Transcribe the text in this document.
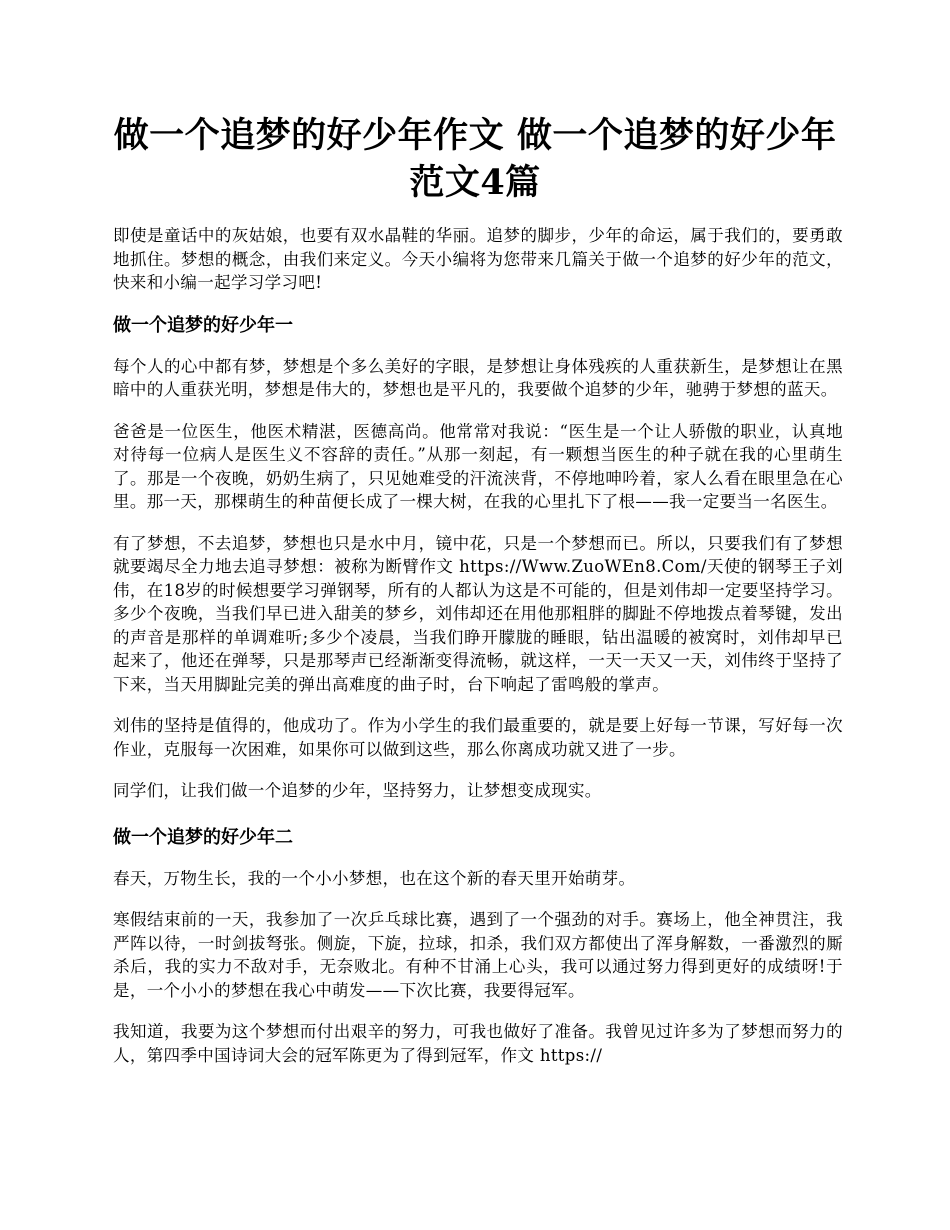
做一个追梦的好少年作文 做一个追梦的好少年范文4篇

即使是童话中的灰姑娘，也要有双水晶鞋的华丽。追梦的脚步，少年的命运，属于我们的，要勇敢地抓住。梦想的概念，由我们来定义。今天小编将为您带来几篇关于做一个追梦的好少年的范文，快来和小编一起学习学习吧!

做一个追梦的好少年一

每个人的心中都有梦，梦想是个多么美好的字眼，是梦想让身体残疾的人重获新生，是梦想让在黑暗中的人重获光明，梦想是伟大的，梦想也是平凡的，我要做个追梦的少年，驰骋于梦想的蓝天。

爸爸是一位医生，他医术精湛，医德高尚。他常常对我说：“医生是一个让人骄傲的职业，认真地对待每一位病人是医生义不容辞的责任。”从那一刻起，有一颗想当医生的种子就在我的心里萌生了。那是一个夜晚，奶奶生病了，只见她难受的汗流浃背，不停地呻吟着，家人么看在眼里急在心里。那一天，那棵萌生的种苗便长成了一棵大树，在我的心里扎下了根——我一定要当一名医生。

有了梦想，不去追梦，梦想也只是水中月，镜中花，只是一个梦想而已。所以，只要我们有了梦想就要竭尽全力地去追寻梦想：被称为断臂作文 https://Www.ZuoWEn8.Com/天使的钢琴王子刘伟，在18岁的时候想要学习弹钢琴，所有的人都认为这是不可能的，但是刘伟却一定要坚持学习。多少个夜晚，当我们早已进入甜美的梦乡，刘伟却还在用他那粗胖的脚趾不停地拨点着琴键，发出的声音是那样的单调难听;多少个凌晨，当我们睁开朦胧的睡眼，钻出温暖的被窝时，刘伟却早已起来了，他还在弹琴，只是那琴声已经渐渐变得流畅，就这样，一天一天又一天，刘伟终于坚持了下来，当天用脚趾完美的弹出高难度的曲子时，台下响起了雷鸣般的掌声。

刘伟的坚持是值得的，他成功了。作为小学生的我们最重要的，就是要上好每一节课，写好每一次作业，克服每一次困难，如果你可以做到这些，那么你离成功就又进了一步。

同学们，让我们做一个追梦的少年，坚持努力，让梦想变成现实。

做一个追梦的好少年二

春天，万物生长，我的一个小小梦想，也在这个新的春天里开始萌芽。

寒假结束前的一天，我参加了一次乒乓球比赛，遇到了一个强劲的对手。赛场上，他全神贯注，我严阵以待，一时剑拔弩张。侧旋，下旋，拉球，扣杀，我们双方都使出了浑身解数，一番激烈的厮杀后，我的实力不敌对手，无奈败北。有种不甘涌上心头，我可以通过努力得到更好的成绩呀!于是，一个小小的梦想在我心中萌发——下次比赛，我要得冠军。

我知道，我要为这个梦想而付出艰辛的努力，可我也做好了准备。我曾见过许多为了梦想而努力的人，第四季中国诗词大会的冠军陈更为了得到冠军，作文 https://
